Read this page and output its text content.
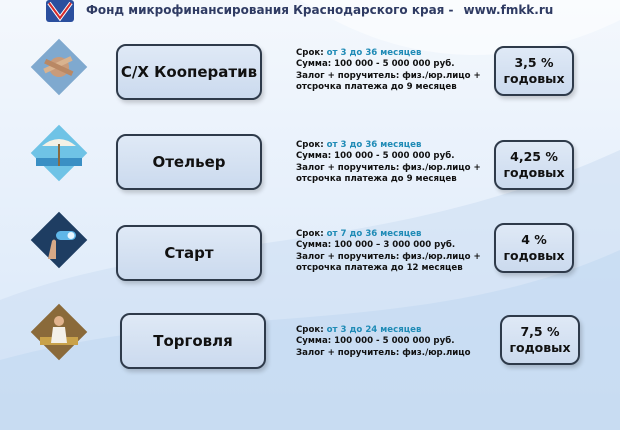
Фонд микрофинансирования Краснодарского края - www.fmkk.ru
С/Х Кооператив
Срок: от 3 до 36 месяцев
Сумма: 100 000 - 5 000 000 руб.
Залог + поручитель: физ./юр.лицо +
отсрочка платежа до 9 месяцев
3,5 %
годовых
Отельер
Срок: от 3 до 36 месяцев
Сумма: 100 000 - 5 000 000 руб.
Залог + поручитель: физ./юр.лицо +
отсрочка платежа до 9 месяцев
4,25 %
годовых
Старт
Срок: от 7 до 36 месяцев
Сумма: 100 000 – 3 000 000 руб.
Залог + поручитель: физ./юр.лицо +
отсрочка платежа до 12 месяцев
4 %
годовых
Торговля
Срок: от 3 до 24 месяцев
Сумма: 100 000 - 5 000 000 руб.
Залог + поручитель: физ./юр.лицо
7,5 %
годовых
